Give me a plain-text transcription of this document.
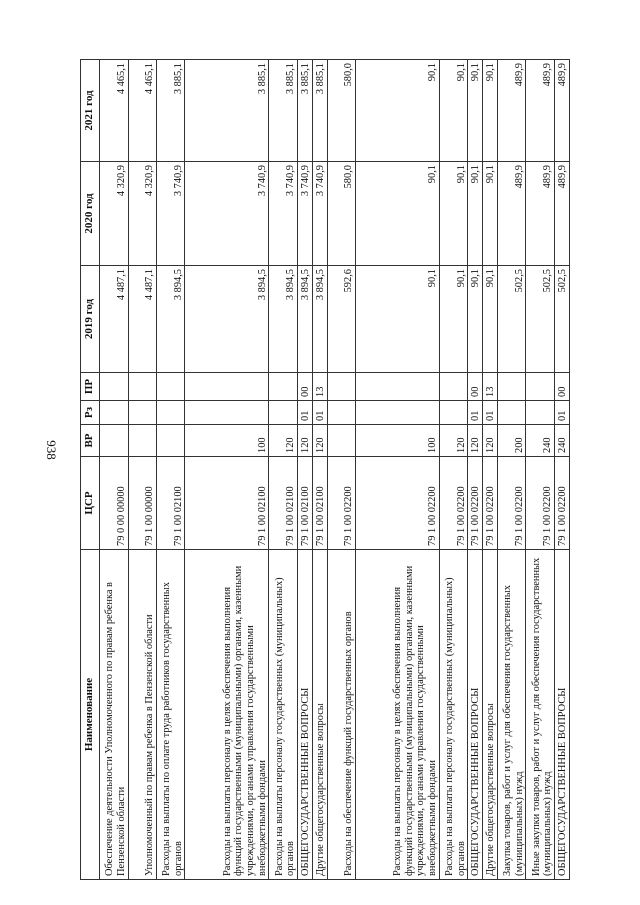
938
Наименование	ЦСР	ВР	Рз	ПР	2019 год	2020 год	2021 год
Обеспечение деятельности Уполномоченного по правам ребенка в Пензенской области	79 0 00 00000				4 487,1	4 320,9	4 465,1
Уполномоченный по правам ребенка в Пензенской области	79 1 00 00000				4 487,1	4 320,9	4 465,1
Расходы на выплаты по оплате труда работников государственных органов	79 1 00 02100				3 894,5	3 740,9	3 885,1
Расходы на выплаты персоналу в целях обеспечения выполнения функций государственными (муниципальными) органами, казенными учреждениями, органами управления государственными внебюджетными фондами	79 1 00 02100	100			3 894,5	3 740,9	3 885,1
Расходы на выплаты персоналу государственных (муниципальных) органов	79 1 00 02100	120			3 894,5	3 740,9	3 885,1
ОБЩЕГОСУДАРСТВЕННЫЕ ВОПРОСЫ	79 1 00 02100	120	01	00	3 894,5	3 740,9	3 885,1
Другие общегосударственные вопросы	79 1 00 02100	120	01	13	3 894,5	3 740,9	3 885,1
Расходы на обеспечение функций государственных органов	79 1 00 02200				592,6	580,0	580,0
Расходы на выплаты персоналу в целях обеспечения выполнения функций государственными (муниципальными) органами, казенными учреждениями, органами управления государственными внебюджетными фондами	79 1 00 02200	100			90,1	90,1	90,1
Расходы на выплаты персоналу государственных (муниципальных) органов	79 1 00 02200	120			90,1	90,1	90,1
ОБЩЕГОСУДАРСТВЕННЫЕ ВОПРОСЫ	79 1 00 02200	120	01	00	90,1	90,1	90,1
Другие общегосударственные вопросы	79 1 00 02200	120	01	13	90,1	90,1	90,1
Закупка товаров, работ и услуг для обеспечения государственных (муниципальных) нужд	79 1 00 02200	200			502,5	489,9	489,9
Иные закупки товаров, работ и услуг для обеспечения государственных (муниципальных) нужд	79 1 00 02200	240			502,5	489,9	489,9
ОБЩЕГОСУДАРСТВЕННЫЕ ВОПРОСЫ	79 1 00 02200	240	01	00	502,5	489,9	489,9
